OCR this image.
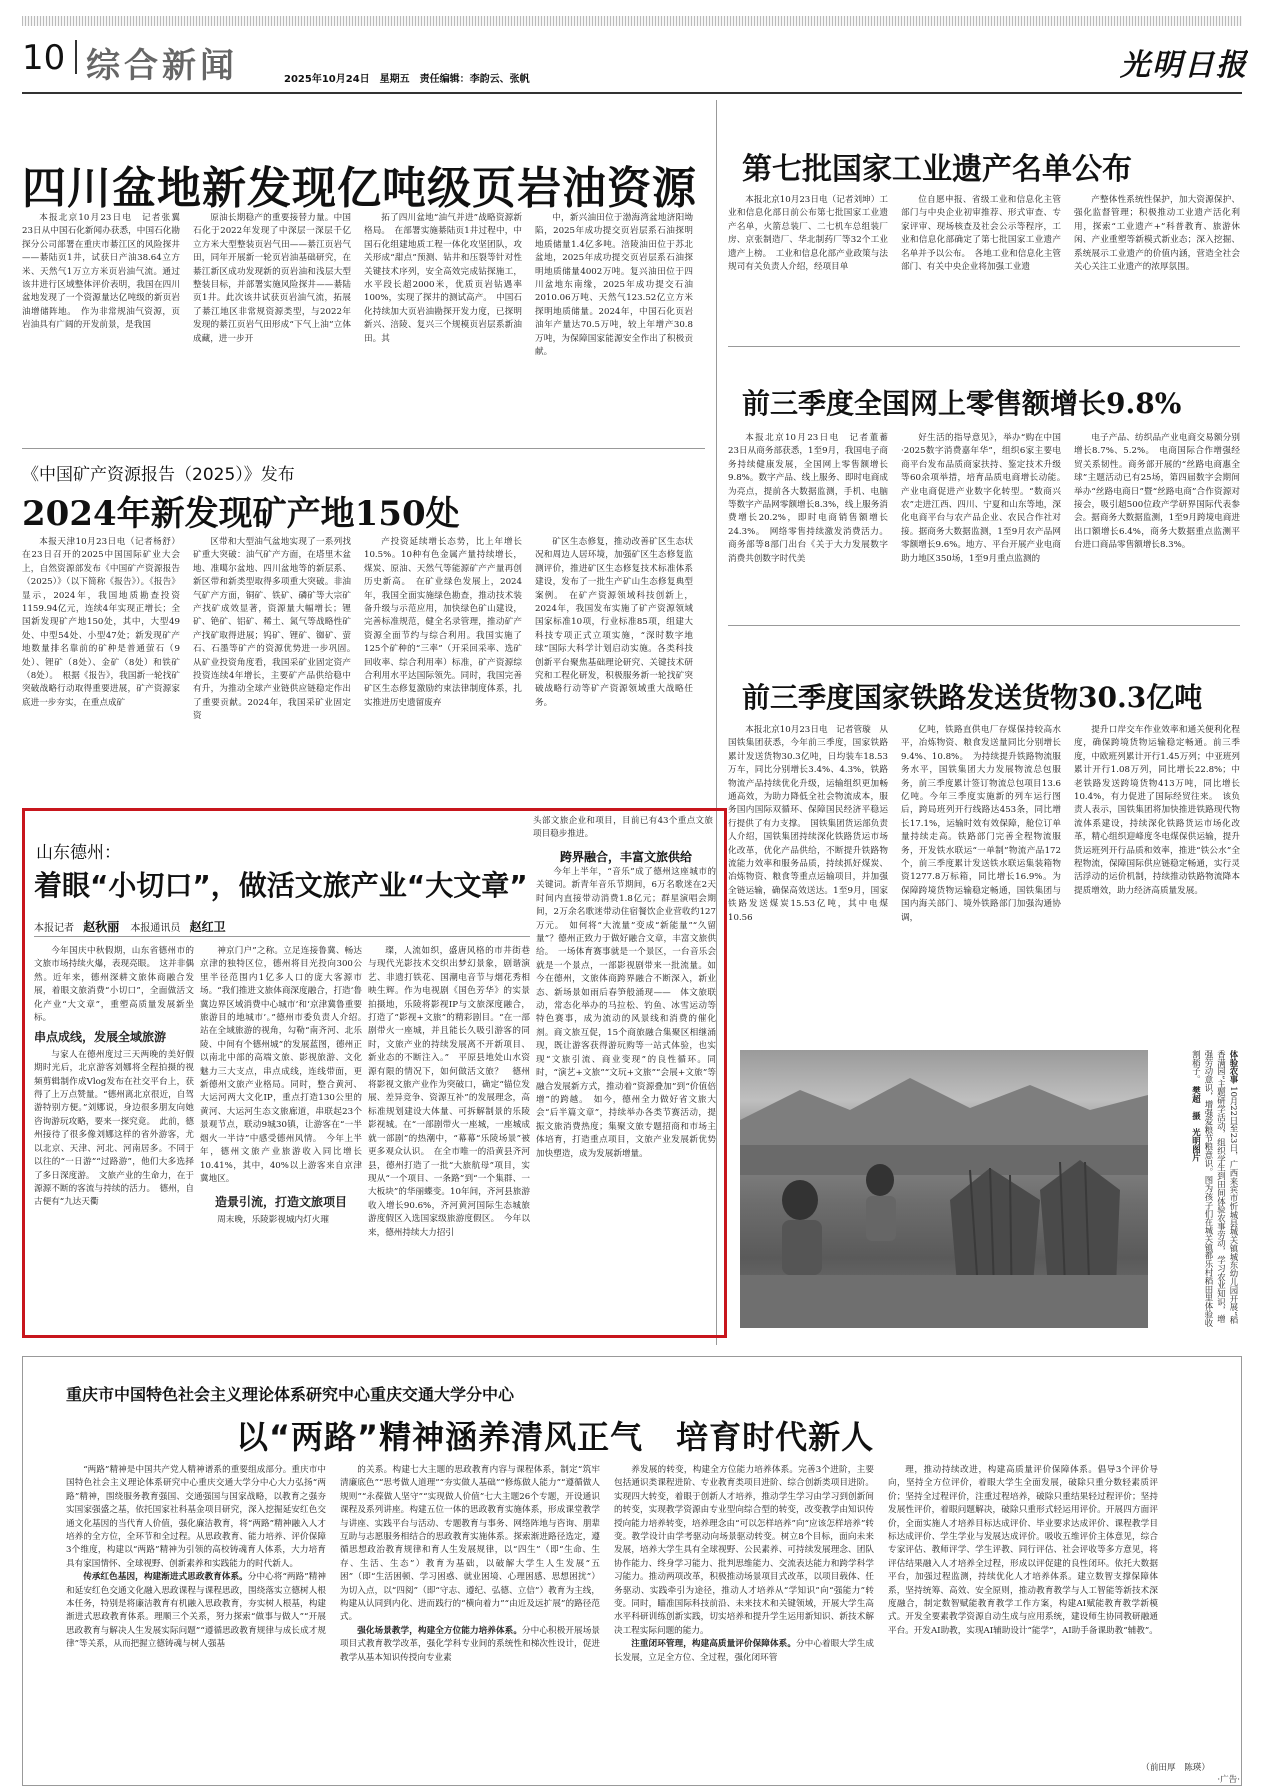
10 综合新闻	2025年10月24日　星期五　责任编辑：李韵云、张帆	光明日报
四川盆地新发现亿吨级页岩油资源

本报北京10月23日电　记者张翼　23日从中国石化新闻办获悉，中国石化勘探分公司部署在重庆市綦江区的风险探井——綦陆页1井，试获日产油38.64立方米、天然气1万立方米页岩油气流。通过该井进行区域整体评价表明，我国在四川盆地发现了一个资源量达亿吨级的新页岩油增储阵地。　作为非常规油气资源，页岩油具有广阔的开发前景，是我国

原油长期稳产的重要接替力量。中国石化于2022年发现了中深层一深层千亿立方米大型整装页岩气田——綦江页岩气田，同年开展新一轮页岩油基础研究，在綦江新区成功发现新的页岩油和浅层大型整装目标，并部署实施风险探井——綦陆页1井。此次该井试获页岩油气流，拓展了綦江地区非常规资源类型，与2022年发现的綦江页岩气田形成“下气上油”立体成藏，进一步开

拓了四川盆地“油气并进”战略资源新格局。　在部署实施綦陆页1井过程中，中国石化组建地质工程一体化攻坚团队，攻关形成“甜点”预测、钻井和压裂等针对性关键技术序列，安全高效完成钻探施工，水平段长超2000米，优质页岩钻遇率100%，实现了探井的测试高产。　中国石化持续加大页岩油勘探开发力度，已探明新兴、涪陵、复兴三个规模页岩层系新油田。其

中，新兴油田位于渤海湾盆地济阳坳陷，2025年成功提交页岩层系石油探明地质储量1.4亿多吨。涪陵油田位于苏北盆地，2025年成功提交页岩层系石油探明地质储量4002万吨。复兴油田位于四川盆地东南缘，2025年成功提交石油2010.06万吨、天然气123.52亿立方米探明地质储量。2024年，中国石化页岩油年产量达70.5万吨，较上年增产30.8万吨，为保障国家能源安全作出了积极贡献。

《中国矿产资源报告（2025）》发布
2024年新发现矿产地150处

本报天津10月23日电（记者杨舒）在23日召开的2025中国国际矿业大会上，自然资源部发布《中国矿产资源报告（2025）》（以下简称《报告》）。《报告》显示，2024年，我国地质勘查投资1159.94亿元，连续4年实现正增长；全国新发现矿产地150处，其中，大型49处、中型54处、小型47处；新发现矿产地数量排名靠前的矿种是普通萤石（9处）、锂矿（8处）、金矿（8处）和铁矿（8处）。　根据《报告》，我国新一轮找矿突破战略行动取得重要进展，矿产资源家底进一步夯实，在重点成矿

区带和大型油气盆地实现了一系列找矿重大突破：油气矿产方面，在塔里木盆地、准噶尔盆地、四川盆地等的新层系、新区带和新类型取得多项重大突破。非油气矿产方面，铜矿、铁矿、磷矿等大宗矿产找矿成效显著，资源量大幅增长；锂矿、铯矿、铝矿、稀土、氮气等战略性矿产找矿取得进展；钨矿、锂矿、铷矿、萤石、石墨等矿产的资源优势进一步巩固。　从矿业投资角度看，我国采矿业固定资产投资连续4年增长，主要矿产品供给稳中有升，为推动全球产业链供应链稳定作出了重要贡献。2024年，我国采矿业固定资

产投资延续增长态势，比上年增长10.5%。10种有色金属产量持续增长，煤炭、原油、天然气等能源矿产产量再创历史新高。　在矿业绿色发展上，2024年，我国全面实施绿色勘查，推动技术装备升级与示范应用，加快绿色矿山建设，完善标准规范，健全名录管理，推动矿产资源全面节约与综合利用。我国实施了125个矿种的“三率”（开采回采率、选矿回收率、综合利用率）标准，矿产资源综合利用水平达国际领先。同时，我国完善矿区生态修复激励约束法律制度体系，扎实推进历史遗留废弃

矿区生态修复，推动改善矿区生态状况和周边人居环境，加强矿区生态修复监测评价，推进矿区生态修复技术标准体系建设，发布了一批生产矿山生态修复典型案例。　在矿产资源领域科技创新上，2024年，我国发布实施了矿产资源领域国家标准10项，行业标准85项，组建大科技专项正式立项实施，“深时数字地球”国际大科学计划启动实施。各类科技创新平台聚焦基础理论研究、关键技术研究和工程化研发，积极服务新一轮找矿突破战略行动等矿产资源领域重大战略任务。

第七批国家工业遗产名单公布

本报北京10月23日电（记者刘坤）工业和信息化部日前公布第七批国家工业遗产名单，火箭总装厂、二七机车总组装厂房、京张制造厂、华北制药厂等32个工业遗产上榜。　工业和信息化部产业政策与法规司有关负责人介绍，经项目单

位自愿申报、省级工业和信息化主管部门与中央企业初审推荐、形式审查、专家评审、现场核查及社会公示等程序，工业和信息化部确定了第七批国家工业遗产名单并予以公布。　各地工业和信息化主管部门、有关中央企业将加强工业遗

产整体性系统性保护，加大资源保护、强化监督管理；积极推动工业遗产活化利用，探索“工业遗产+”科普教育、旅游休闲、产业重塑等新模式新业态；深入挖掘、系统展示工业遗产的价值内涵，营造全社会关心关注工业遗产的浓厚氛围。

前三季度全国网上零售额增长9.8%

本报北京10月23日电　记者董蓄　23日从商务部获悉，1至9月，我国电子商务持续健康发展，全国网上零售额增长9.8%。数字产品、线上服务、即时电商成为亮点，提前各大数据监测，手机、电脑等数字产品网零额增长8.3%，线上服务消费增长20.2%，即时电商销售额增长24.3%。　网络零售持续激发消费活力。商务部等8部门出台《关于大力发展数字消费共创数字时代美

好生活的指导意见》，举办“购在中国·2025数字消费嘉年华”，组织6家主要电商平台发布品质商家扶持、鉴定技术升级等60余项举措，培育品质电商增长动能。　产业电商促进产业数字化转型。“数商兴农”走进江西、四川、宁夏和山东等地，深化电商平台与农产品企业、农民合作社对接。据商务大数据监测，1至9月农产品网零额增长9.6%。地方、平台开展产业电商助力地区350场，1至9月重点监测的

电子产品、纺织品产业电商交易额分别增长8.7%、5.2%。　电商国际合作增强经贸关系韧性。商务部开展的“丝路电商惠全球”主题活动已有25场，第四届数字会期间举办“丝路电商日”暨“丝路电商”合作资源对接会，吸引超500位政产学研界国际代表参会。据商务大数据监测，1至9月跨境电商进出口额增长6.4%，商务大数据重点监测平台进口商品零售额增长8.3%。

前三季度国家铁路发送货物30.3亿吨

本报北京10月23日电　记者管璇　从国铁集团获悉，今年前三季度，国家铁路累计发送货物30.3亿吨，日均装车18.53万车，同比分别增长3.4%、4.3%，铁路物流产品持续优化升级，运输组织更加畅通高效，为助力降低全社会物流成本，服务国内国际双循环、保障国民经济平稳运行提供了有力支撑。　国铁集团货运部负责人介绍，国铁集团持续深化铁路货运市场化改革，优化产品供给，不断提升铁路物流能力效率和服务品质，持续抓好煤炭、冶炼物资、粮食等重点运输项目，并加强全链运输，确保高效送达。1至9月，国家铁路发送煤炭15.53亿吨，其中电煤10.56

亿吨，铁路直供电厂存煤保持较高水平，冶炼物资、粮食发送量同比分别增长9.4%、10.8%。　为持续提升铁路物流服务水平，国铁集团大力发展物流总包服务，前三季度累计签订物流总包项目13.6亿吨。今年三季度实施新的列车运行图后，跨局班列开行线路达453条，同比增长17.1%，运输时效有效保障，舱位订单量持续走高。铁路部门完善全程物流服务，开发铁水联运“一单制”物流产品172个，前三季度累计发送铁水联运集装箱物资1277.8万标箱，同比增长16.9%。为保障跨境货物运输稳定畅通，国铁集团与国内海关部门、境外铁路部门加强沟通协调，

提升口岸交车作业效率和通关便利化程度，确保跨境货物运输稳定畅通。前三季度，中欧班列累计开行1.45万列；中亚班列累计开行1.08万列，同比增长22.8%；中老铁路发送跨境货物413万吨，同比增长10.4%，有力促进了国际经贸往来。　该负责人表示，国铁集团将加快推进铁路现代物流体系建设，持续深化铁路货运市场化改革，精心组织迎峰度冬电煤保供运输，提升货运班列开行品质和效率，推进“铁公水”全程物流，保障国际供应链稳定畅通，实行灵活浮动的运价机制，持续推动铁路物流降本提质增效，助力经济高质量发展。

体验农事 10月22日至23日，广西来宾市忻城县城关镇城东幼儿园开展“稻香满园”主题研学活动，组织学生到田间体验农事劳动，学习农业知识，增强劳动意识，增强爱粮节粮意识。图为孩子们在城关镇都乐村稻田里体验收割稻子。 樊超　摄　光明图片
山东德州：
着眼“小切口”，做活文旅产业“大文章”

头部文旅企业和项目，目前已有43个重点文旅项目稳步推进。

跨界融合，丰富文旅供给
本报记者 赵秋丽 本报通讯员 赵红卫

今年国庆中秋假期，山东省德州市的文旅市场持续火爆，表现亮眼。　这并非偶然。近年来，德州深耕文旅体商融合发展，着眼文旅消费“小切口”，全面做活文化产业“大文章”，重塑高质量发展新坐标。

串点成线，发展全域旅游

与家人在德州度过三天两晚的美好假期时光后，北京游客刘娜将全程拍摄的视频剪辑制作成Vlog发布在社交平台上，获得了上万点赞量。“德州离北京很近，自驾游特别方便。”刘娜说，身边很多朋友向她咨询游玩攻略，要来一探究竟。　此前，德州接待了很多像刘娜这样的省外游客，尤以北京、天津、河北、河南居多。不同于以往的“一日游”“过路游”，他们大多选择了多日深度游。　文旅产业的生命力，在于源源不断的客流与持续的活力。　德州，自古便有“九达天衢

神京门户”之称。立足连接鲁冀、畅达京津的独特区位，德州将目光投向300公里半径范围内1亿多人口的庞大客源市场。“我们推进文旅体商深度融合，打造‘鲁冀边界区域消费中心城市’和‘京津冀鲁重要旅游目的地城市’。”德州市委负责人介绍。　站在全域旅游的视角，勾勒“南齐河、北乐陵、中间有个德州城”的发展蓝图，德州正以南北中部的高端文旅、影视旅游、文化魅力三大支点，串点成线，连线带面，更新德州文旅产业格局。同时，整合黄河、大运河两大文化IP，重点打造130公里的黄河、大运河生态文旅廊道，串联起23个景观节点，联动9城30镇，让游客在“一半烟火一半诗”中感受德州风情。　今年上半年，德州文旅产业旅游收入同比增长10.41%，其中，40%以上游客来自京津冀地区。

造景引流，打造文旅项目

周末晚，乐陵影视城内灯火璀

璨，人流如织，盛唐风格的市井街巷与现代光影技术交织出梦幻景象，剧谐演艺、非遗打铁花、国潮电音节与烟花秀相映生辉。作为电视剧《国色芳华》的实景拍摄地，乐陵将影视IP与文旅深度融合，打造了“影视+文旅”的精彩剧目。“在一部剧带火一座城，并且能长久吸引游客的同时，文旅产业的持续发展离不开新项目、新业态的不断注入。”　平原县地处山水资源有限的情况下，如何做活文旅？　德州将影视文旅产业作为突破口，确定“锚位发展、差异竞争、资源互补”的发展理念，高标准规划建设大体量、可拆解制景的乐陵影视城。在“一部剧带火一座城，一座城成就一部剧”的热潮中，“幕幕“乐陵场景”被更多观众认识。　在全市唯一的沿黄县齐河县，德州打造了一批“大旅航母”项目，实现从“一个项目、一条路”到“一个集群、一大板块”的华丽蝶变。10年间，齐河县旅游收入增长90.6%，齐河黄河国际生态城旅游度假区入选国家级旅游度假区。　今年以来，德州持续大力招引

今年上半年，“音乐”成了德州这座城市的关键词。新青年音乐节期间，6万名歌迷在2天时间内直接带动消费1.8亿元；群星演唱会期间，2万余名歌迷带动住宿餐饮企业营收约127万元。　如何将“大流量”变成“新能量”“久留量”？德州正致力于做好融合文章，丰富文旅供给。　一场体育赛事就是一个景区，一台音乐会就是一个景点，一部影视剧带来一批流量。如今在德州，文旅体商跨界融合不断深入，新业态、新场景如雨后春笋般涌现——　体文旅联动，常态化举办的马拉松、钓鱼、冰雪运动等特色赛事，成为流动的风景线和消费的催化剂。商文旅互促，15个商旅融合集聚区相继涌现，既让游客获得游玩购等一站式体验，也实现“文旅引流、商业变现”的良性循环。同时，“演艺+文旅”“文玩+文旅”“会展+文旅”等融合发展新方式，推动着“资源叠加”到“价值倍增”的跨越。　如今，德州全力做好省文旅大会“后半篇文章”，持续举办各类节赛活动，提振文旅消费热度；集聚文旅专题招商和市场主体培育，打造重点项目，文旅产业发展新优势加快塑造，成为发展新增量。

重庆市中国特色社会主义理论体系研究中心重庆交通大学分中心
以“两路”精神涵养清风正气　培育时代新人

“两路”精神是中国共产党人精神谱系的重要组成部分。重庆市中国特色社会主义理论体系研究中心重庆交通大学分中心大力弘扬“两路”精神，围绕服务教育强国、交通强国与国家战略，以教育之强夯实国家强盛之基，依托国家社科基金项目研究，深入挖掘延安红色交通文化基因的当代育人价值，强化廉洁教育，将“两路”精神融入人才培养的全方位，全环节和全过程。从思政教育、能力培养、评价保障3个维度，构建以“两路”精神为引领的高校铸魂育人体系，大力培育具有家国情怀、全球视野、创新素养和实践能力的时代新人。

传承红色基因，构建渐进式思政教育体系。分中心将“两路”精神和延安红色交通文化融入思政课程与课程思政，围绕落实立德树人根本任务，特别是将廉洁教育有机融入思政教育，夯实树人根基，构建渐进式思政教育体系。理顺三个关系，努力探索“做事与做人”“开展思政教育与解决人生发展实际问题”“遵循思政教育规律与成长成才规律”等关系，从而把握立德铸魂与树人强基

的关系。构建七大主题的思政教育内容与课程体系，制定“筑牢清廉底色”“思考做人道理”“夯实做人基础”“修炼做人能力”“遵循做人规则”“永葆做人坚守”“实现做人价值”七大主题26个专题，开设通识课程及系列讲座。构建五位一体的思政教育实施体系，形成课堂教学与讲座、实践平台与活动、专题教育与事务、网络阵地与咨询、朋辈互助与志愿服务相结合的思政教育实施体系。探索渐进路径选定，遵循思想政治教育规律和育人生发展规律，以“四生”（即“生命、生存、生活、生态”）教育为基础，以破解大学生人生发展“五困”（即“生活困顿、学习困惑、就业困境、心理困感、思想困扰”）为切入点，以“四阅”（即“守志、遵纪、弘德、立信”）教育为主线，构建从认同到内化、进而践行的“横向着力”“由近及远扩展”的路径范式。

强化场景教学，构建全方位能力培养体系。分中心积极开展场景项目式教育教学改革，强化学科专业间的系统性和梯次性设计，促进教学从基本知识传授向专业素

养发展的转变，构建全方位能力培养体系。完善3个进阶，主要包括通识类课程进阶、专业教育类项目进阶、综合创新类项目进阶。实现四大转变，着眼于创新人才培养，推动学生学习由学习到创新间的转变，实现教学资源由专业型向综合型的转变，改变教学由知识传授向能力培养转变，培养理念由“可以怎样培养”向“应该怎样培养”转变。教学设计由学考驱动向场景驱动转变。树立8个目标，面向未来发展，培养大学生具有全球视野、公民素养、可持续发展理念、团队协作能力、终身学习能力、批判思维能力、交流表达能力和跨学科学习能力。推动两项改革，积极推动场景项目式改革，以项目载体、任务驱动、实践牵引为途径，推动人才培养从“学知识”向“强能力”转变。同时，瞄准国际科技前沿、未来技术和关键领域，开展大学生高水平科研训练创新实践，切实培养和提升学生运用新知识、新技术解决工程实际问题的能力。

注重闭环管理，构建高质量评价保障体系。分中心着眼大学生成长发展，立足全方位、全过程，强化闭环管

理，推动持续改进，构建高质量评价保障体系。倡导3个评价导向，坚持全方位评价，着眼大学生全面发展，破除只重分数轻素质评价；坚持全过程评价，注重过程培养，破除只重结果轻过程评价；坚持发展性评价，着眼问题解决，破除只重形式轻运用评价。开展四方面评价，全面实施人才培养目标达成评价、毕业要求达成评价、课程教学目标达成评价、学生学业与发展达成评价。吸收五维评价主体意见，综合专家评估、教师评学、学生评教、同行评估、社会评收等多方意见，将评估结果融入人才培养全过程，形成以评促建的良性闭环。依托大数据平台，加强过程监测，持续优化人才培养体系。建立数智支撑保障体系，坚持统筹、高效、安全原则，推动教育教学与人工智能等新技术深度融合，制定数智赋能教育教学工作方案，构建AI赋能教育教学新模式。开发全要素教学资源自动生成与应用系统，建设师生协同教研融通平台。开发AI助教，实现AI辅助设计“能学”，AI助手备课助教“辅教”。

（前田厚　陈瑛）
·广告·
